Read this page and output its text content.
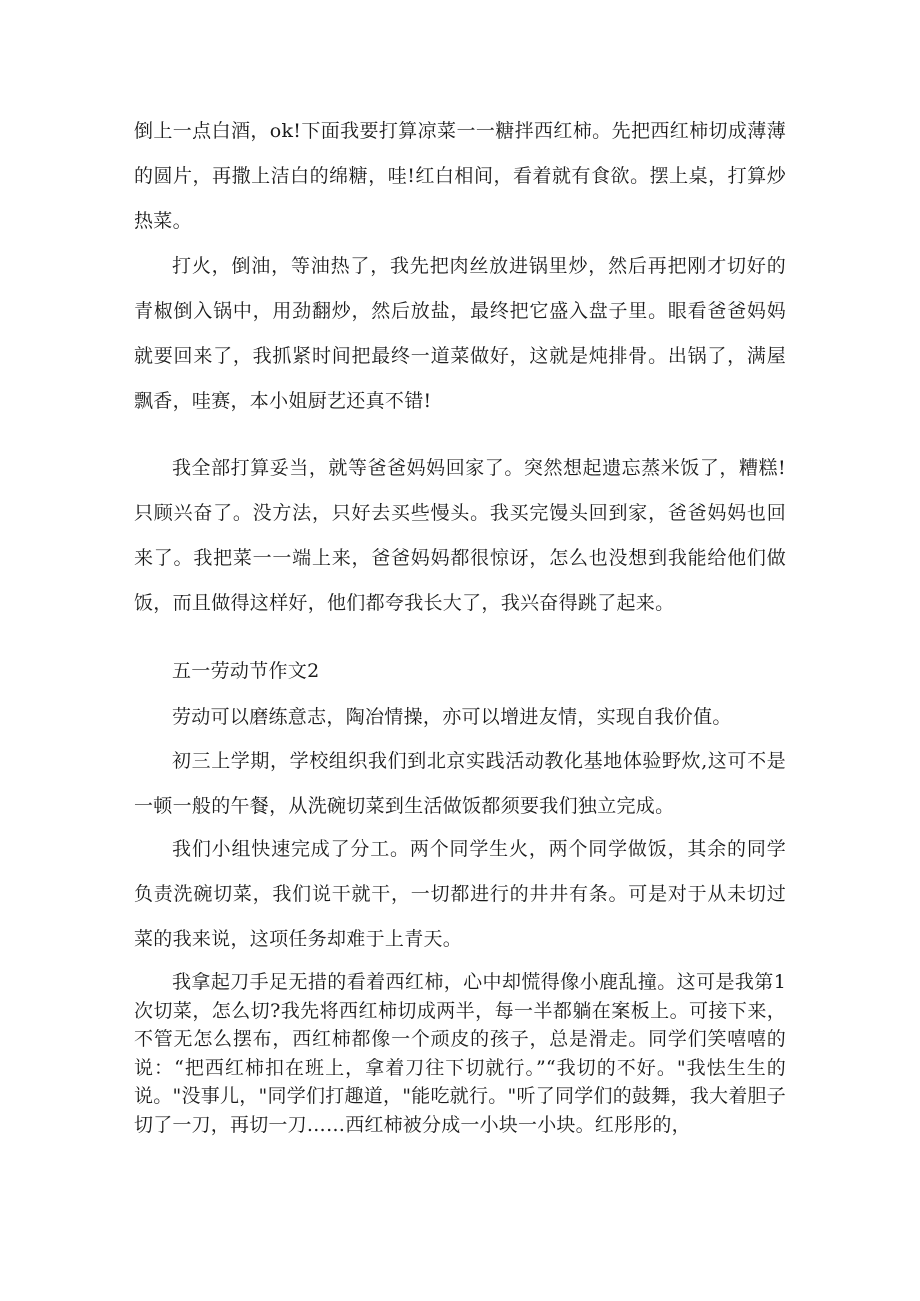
倒上一点白酒，ok!下面我要打算凉菜一一糖拌西红柿。先把西红柿切成薄薄的圆片，再撒上洁白的绵糖，哇!红白相间，看着就有食欲。摆上桌，打算炒热菜。

打火，倒油，等油热了，我先把肉丝放进锅里炒，然后再把刚才切好的青椒倒入锅中，用劲翻炒，然后放盐，最终把它盛入盘子里。眼看爸爸妈妈就要回来了，我抓紧时间把最终一道菜做好，这就是炖排骨。出锅了，满屋飘香，哇赛，本小姐厨艺还真不错!

我全部打算妥当，就等爸爸妈妈回家了。突然想起遗忘蒸米饭了，糟糕!只顾兴奋了。没方法，只好去买些慢头。我买完馒头回到家，爸爸妈妈也回来了。我把菜一一端上来，爸爸妈妈都很惊讶，怎么也没想到我能给他们做饭，而且做得这样好，他们都夸我长大了，我兴奋得跳了起来。

五一劳动节作文2

劳动可以磨练意志，陶冶情操，亦可以增进友情，实现自我价值。

初三上学期，学校组织我们到北京实践活动教化基地体验野炊,这可不是一顿一般的午餐，从洗碗切菜到生活做饭都须要我们独立完成。

我们小组快速完成了分工。两个同学生火，两个同学做饭，其余的同学负责洗碗切菜，我们说干就干，一切都进行的井井有条。可是对于从未切过菜的我来说，这项任务却难于上青天。

我拿起刀手足无措的看着西红柿，心中却慌得像小鹿乱撞。这可是我第1次切菜，怎么切?我先将西红柿切成两半，每一半都躺在案板上。可接下来，不管无怎么摆布，西红柿都像一个顽皮的孩子，总是滑走。同学们笑嘻嘻的说：“把西红柿扣在班上，拿着刀往下切就行。”“我切的不好。"我怯生生的说。"没事儿，"同学们打趣道，"能吃就行。"听了同学们的鼓舞，我大着胆子切了一刀，再切一刀……西红柿被分成一小块一小块。红彤彤的，
